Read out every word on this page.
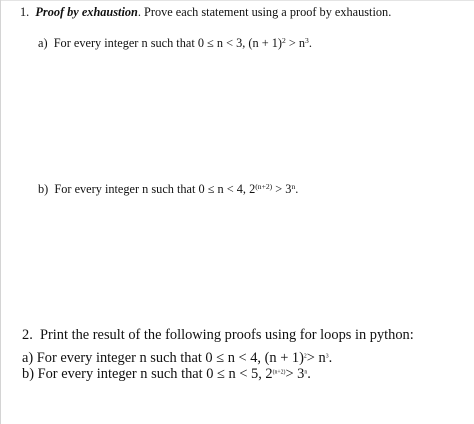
1. Proof by exhaustion. Prove each statement using a proof by exhaustion.
a) For every integer n such that 0 ≤ n < 3, $(n + 1)^2 > n^3$.
b) For every integer n such that 0 ≤ n < 4, $2^{(n+2)} > 3^n$.
2. Print the result of the following proofs using for loops in python:
a) For every integer n such that 0 ≤ n < 4, $(n + 1)^2> n^3$.
b) For every integer n such that 0 ≤ n < 5, $2^{(n+2)}> 3^n$.
